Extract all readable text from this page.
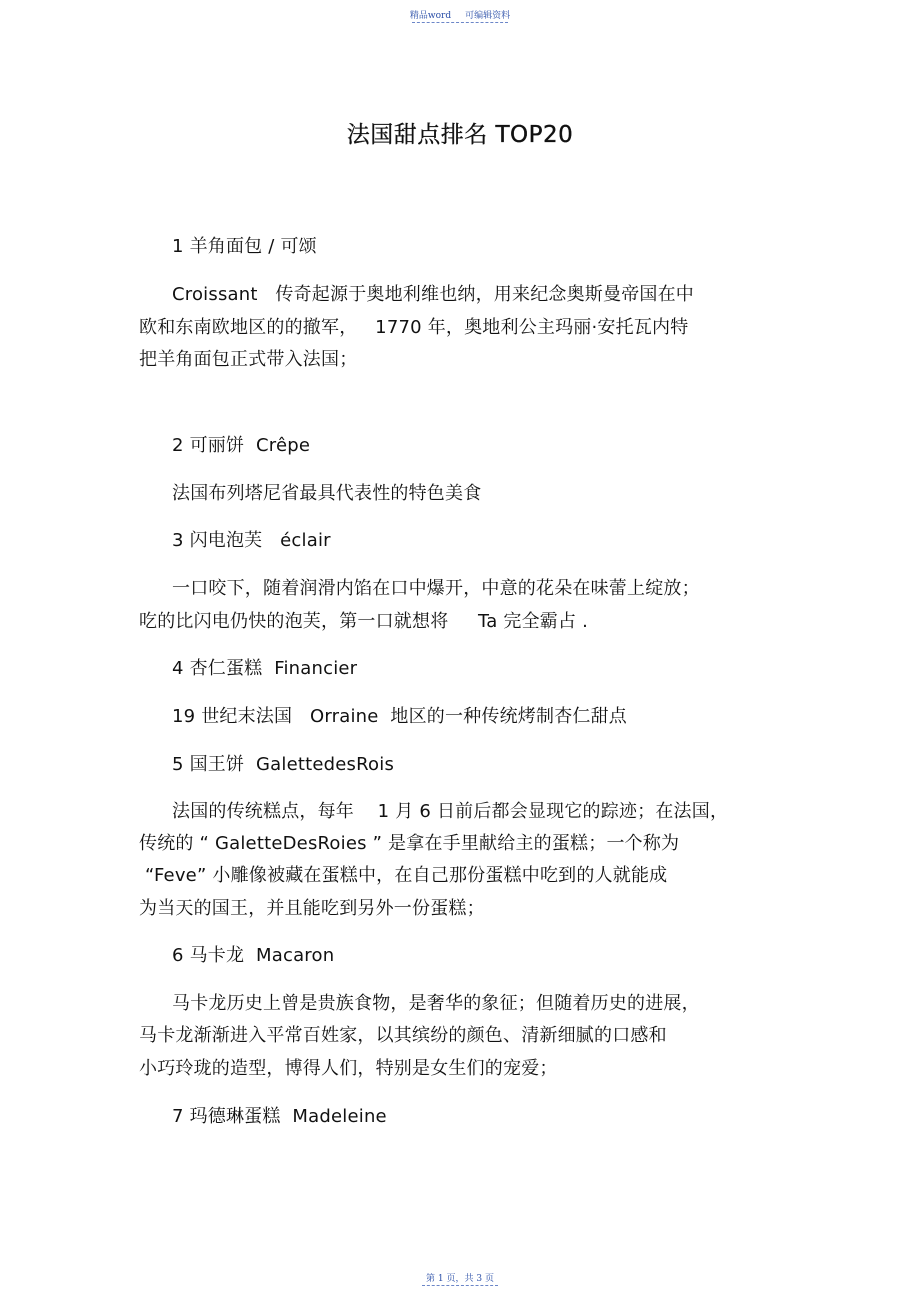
精品word 可编辑资料
法国甜点排名 TOP20
1 羊角面包 / 可颂
Croissant   传奇起源于奥地利维也纳，用来纪念奥斯曼帝国在中
欧和东南欧地区的的撤军，   1770 年，奥地利公主玛丽·安托瓦内特
把羊角面包正式带入法国；
2 可丽饼  Crêpe
法国布列塔尼省最具代表性的特色美食
3 闪电泡芙   éclair
一口咬下，随着润滑内馅在口中爆开，中意的花朵在味蕾上绽放；
吃的比闪电仍快的泡芙，第一口就想将     Ta 完全霸占 .
4 杏仁蛋糕  Financier
19 世纪末法国   Orraine  地区的一种传统烤制杏仁甜点
5 国王饼  GalettedesRois
法国的传统糕点，每年    1 月 6 日前后都会显现它的踪迹；在法国，
传统的 “ GaletteDesRoies ” 是拿在手里献给主的蛋糕；一个称为
“Feve” 小雕像被藏在蛋糕中，在自己那份蛋糕中吃到的人就能成
为当天的国王，并且能吃到另外一份蛋糕；
6 马卡龙  Macaron
马卡龙历史上曾是贵族食物，是奢华的象征；但随着历史的进展，
马卡龙渐渐进入平常百姓家，以其缤纷的颜色、清新细腻的口感和
小巧玲珑的造型，博得人们，特别是女生们的宠爱；
7 玛德琳蛋糕  Madeleine
第 1 页，共 3 页
